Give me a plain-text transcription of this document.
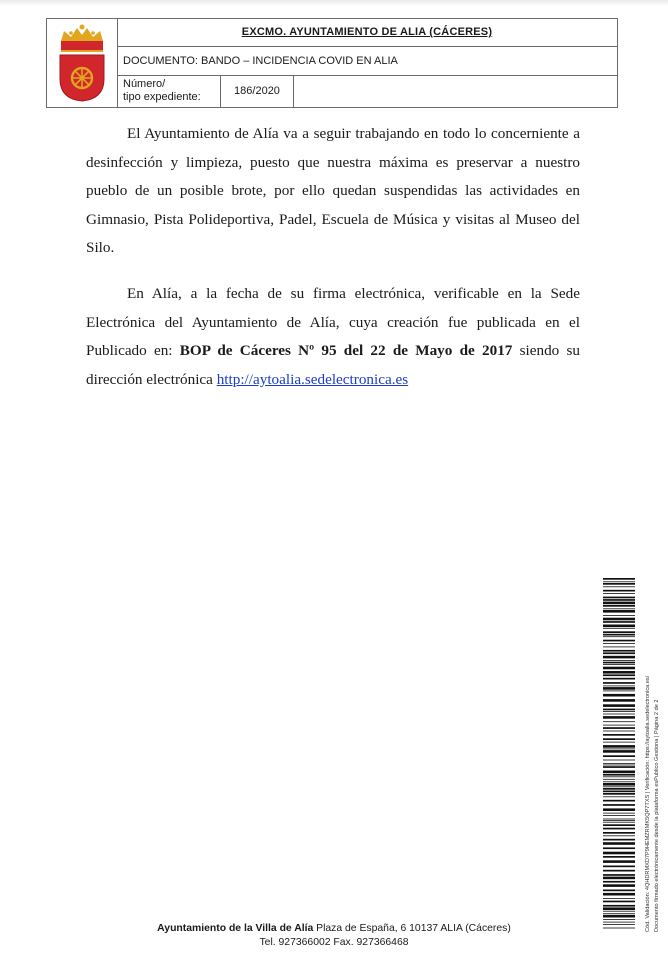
EXCMO. AYUNTAMIENTO DE ALIA (CÁCERES)
DOCUMENTO: BANDO – INCIDENCIA COVID EN ALIA
Número/
tipo expediente:	186/2020

El Ayuntamiento de Alía va a seguir trabajando en todo lo concerniente a desinfección y limpieza, puesto que nuestra máxima es preservar a nuestro pueblo de un posible brote, por ello quedan suspendidas las actividades en Gimnasio, Pista Polideportiva, Padel, Escuela de Música y visitas al Museo del Silo.

En Alía, a la fecha de su firma electrónica, verificable en la Sede Electrónica del Ayuntamiento de Alía, cuya creación fue publicada en el Publicado en: BOP de Cáceres Nº 95 del 22 de Mayo de 2017 siendo su dirección electrónica http://aytoalia.sedelectronica.es

Cód. Validación: 4QHDRMXD7P9HEMZRMK5QP7TXS | Verificación: https://aytoalia.sedelectronica.es/ Documento firmado electrónicamente desde la plataforma esPublico Gestiona | Página 2 de 2
Ayuntamiento de la Villa de Alía Plaza de España, 6 10137 ALIA (Cáceres)
Tel. 927366002 Fax. 927366468
